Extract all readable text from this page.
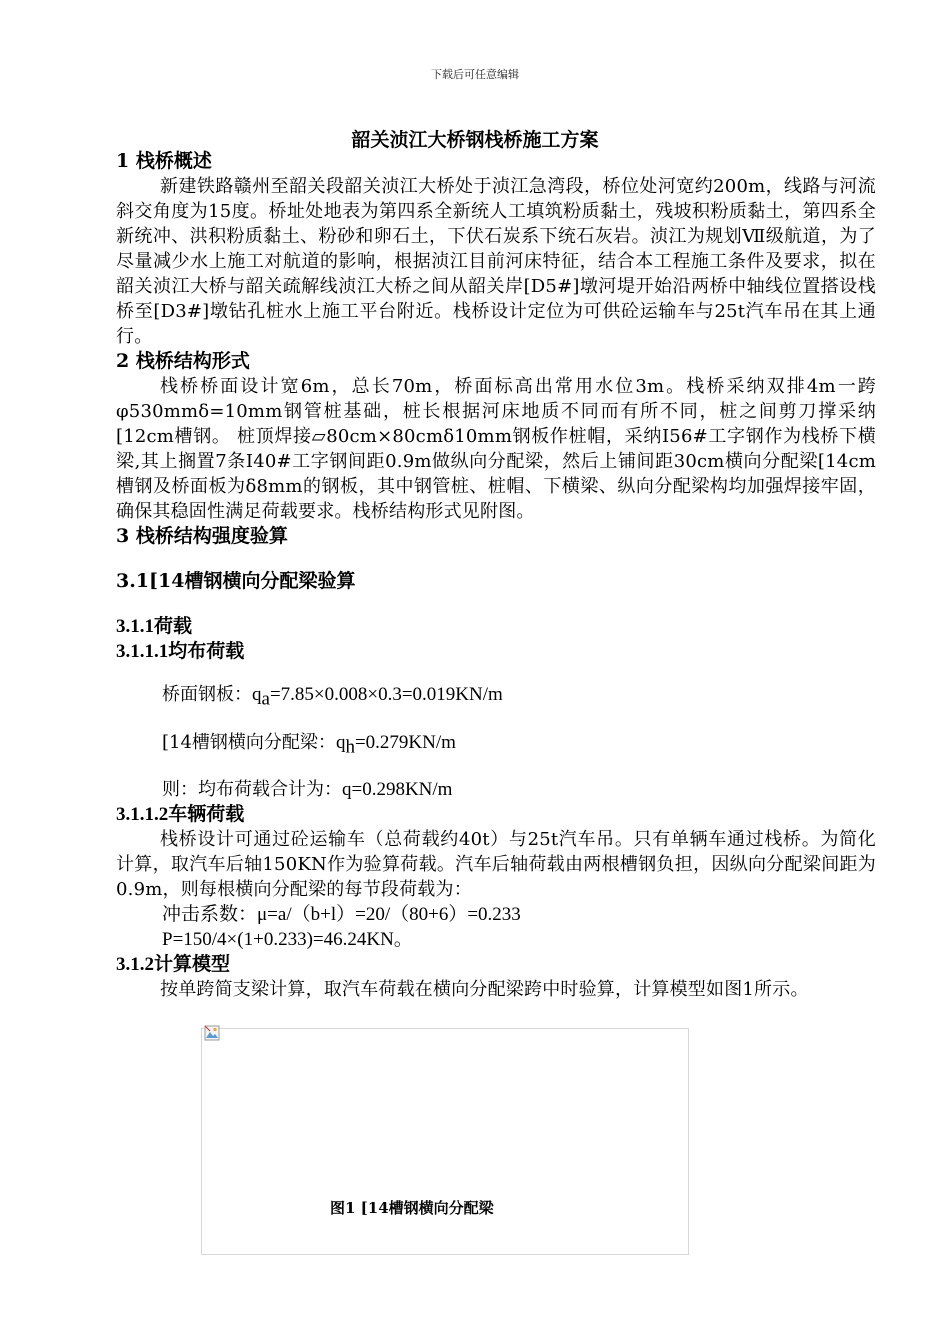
下载后可任意编辑
韶关浈江大桥钢栈桥施工方案

1 栈桥概述

新建铁路赣州至韶关段韶关浈江大桥处于浈江急湾段，桥位处河宽约200m，线路与河流斜交角度为15度。桥址处地表为第四系全新统人工填筑粉质黏土，残坡积粉质黏土，第四系全新统冲、洪积粉质黏土、粉砂和卵石土，下伏石炭系下统石灰岩。浈江为规划Ⅶ级航道，为了尽量减少水上施工对航道的影响，根据浈江目前河床特征，结合本工程施工条件及要求，拟在韶关浈江大桥与韶关疏解线浈江大桥之间从韶关岸[D5#]墩河堤开始沿两桥中轴线位置搭设栈桥至[D3#]墩钻孔桩水上施工平台附近。栈桥设计定位为可供砼运输车与25t汽车吊在其上通行。

2 栈桥结构形式

栈桥桥面设计宽6m，总长70m，桥面标高出常用水位3m。栈桥采纳双排4m一跨 φ530mmδ=10mm钢管桩基础，桩长根据河床地质不同而有所不同，桩之间剪刀撑采纳[12cm槽钢。 桩顶焊接▱80cm×80cmδ10mm钢板作桩帽，采纳I56#工字钢作为栈桥下横梁,其上搁置7条I40#工字钢间距0.9m做纵向分配梁，然后上铺间距30cm横向分配梁[14cm槽钢及桥面板为δ8mm的钢板，其中钢管桩、桩帽、下横梁、纵向分配梁构均加强焊接牢固，确保其稳固性满足荷载要求。栈桥结构形式见附图。

3 栈桥结构强度验算

3.1[14槽钢横向分配梁验算

3.1.1荷载

3.1.1.1均布荷载

桥面钢板：$q_a=7.85\times 0.008\times 0.3=0.019KN/m$

[14槽钢横向分配梁：$q_h=0.279KN/m$

则：均布荷载合计为：q=0.298KN/m

3.1.1.2车辆荷载

栈桥设计可通过砼运输车（总荷载约40t）与25t汽车吊。只有单辆车通过栈桥。为简化计算，取汽车后轴150KN作为验算荷载。汽车后轴荷载由两根槽钢负担，因纵向分配梁间距为0.9m，则每根横向分配梁的每节段荷载为：

冲击系数：μ=a/（b+l）=20/（80+6）=0.233

P=150/4×(1+0.233)=46.24KN。

3.1.2计算模型

按单跨简支梁计算，取汽车荷载在横向分配梁跨中时验算，计算模型如图1所示。

图1 [14槽钢横向分配梁
